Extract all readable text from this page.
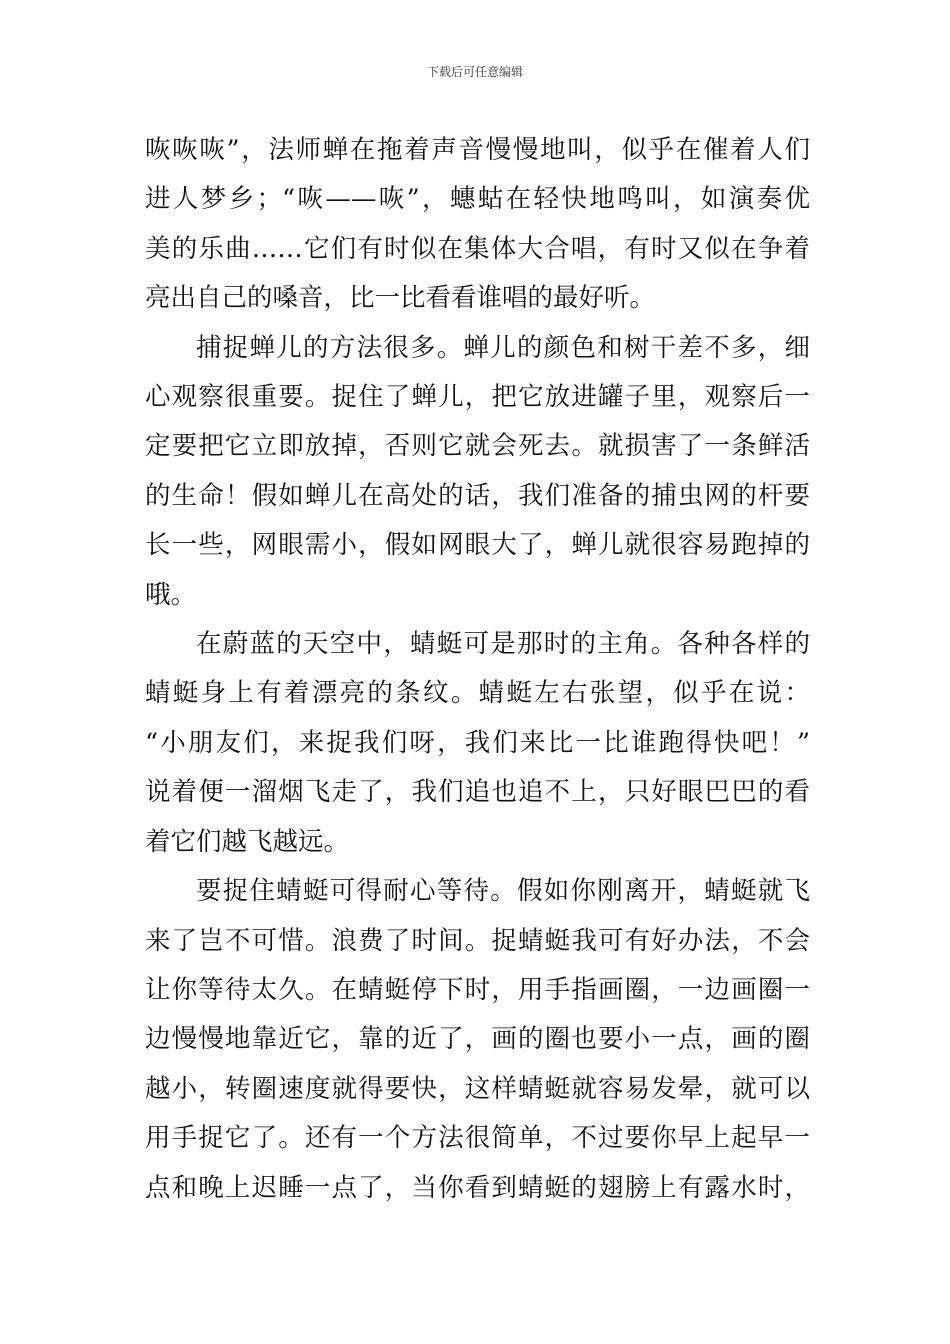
下载后可任意编辑
咴咴咴”，法师蝉在拖着声音慢慢地叫，似乎在催着人们
进人梦乡；“咴——咴”，蟪蛄在轻快地鸣叫，如演奏优
美的乐曲……它们有时似在集体大合唱，有时又似在争着
亮出自己的嗓音，比一比看看谁唱的最好听。
捕捉蝉儿的方法很多。蝉儿的颜色和树干差不多，细
心观察很重要。捉住了蝉儿，把它放进罐子里，观察后一
定要把它立即放掉，否则它就会死去。就损害了一条鲜活
的生命！假如蝉儿在高处的话，我们准备的捕虫网的杆要
长一些，网眼需小，假如网眼大了，蝉儿就很容易跑掉的
哦。
在蔚蓝的天空中，蜻蜓可是那时的主角。各种各样的
蜻蜓身上有着漂亮的条纹。蜻蜓左右张望，似乎在说：
“小朋友们，来捉我们呀，我们来比一比谁跑得快吧！”
说着便一溜烟飞走了，我们追也追不上，只好眼巴巴的看
着它们越飞越远。
要捉住蜻蜓可得耐心等待。假如你刚离开，蜻蜓就飞
来了岂不可惜。浪费了时间。捉蜻蜓我可有好办法，不会
让你等待太久。在蜻蜓停下时，用手指画圈，一边画圈一
边慢慢地靠近它，靠的近了，画的圈也要小一点，画的圈
越小，转圈速度就得要快，这样蜻蜓就容易发晕，就可以
用手捉它了。还有一个方法很简单，不过要你早上起早一
点和晚上迟睡一点了，当你看到蜻蜓的翅膀上有露水时，
